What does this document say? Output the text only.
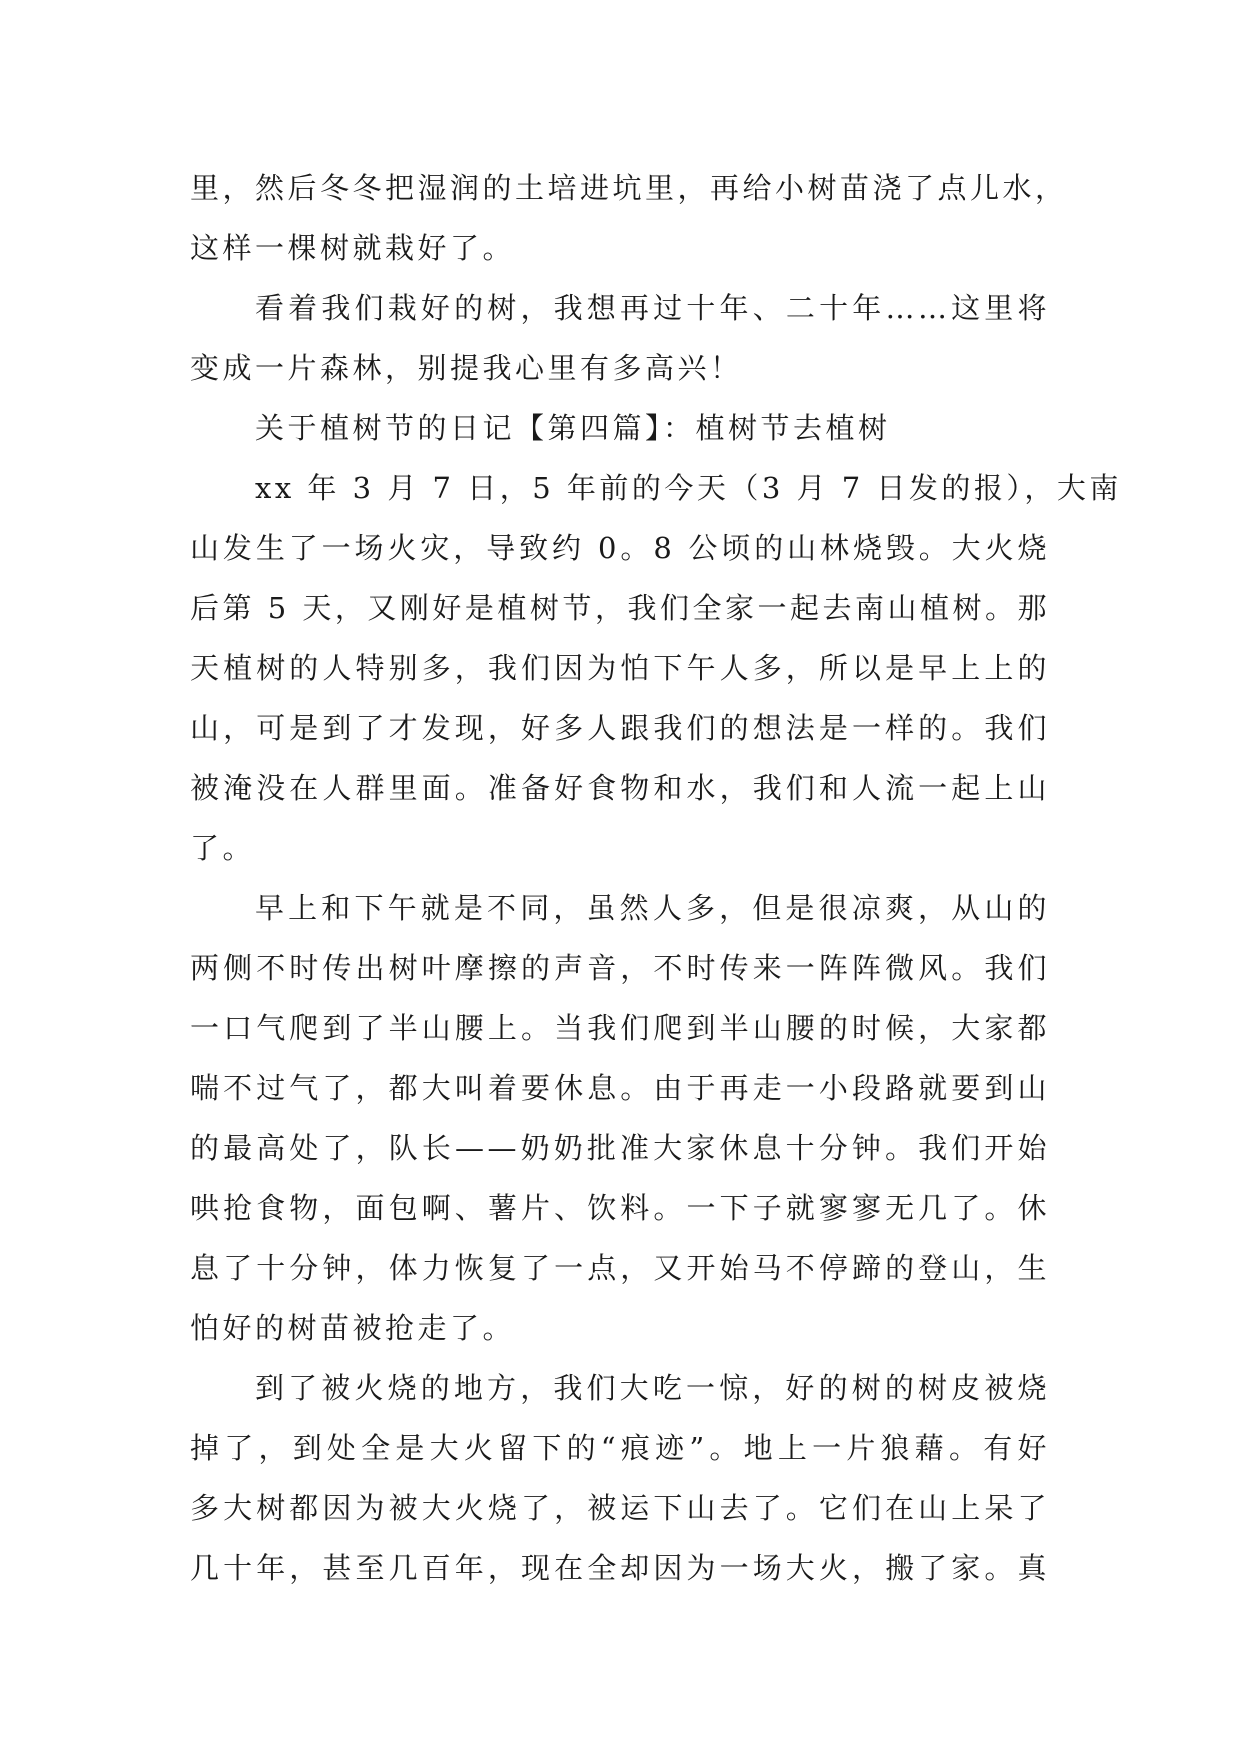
里，然后冬冬把湿润的土培进坑里，再给小树苗浇了点儿水，
这样一棵树就栽好了。
看着我们栽好的树，我想再过十年、二十年……这里将
变成一片森林，别提我心里有多高兴！
关于植树节的日记【第四篇】：植树节去植树
xx 年 3 月 7 日，5 年前的今天（3 月 7 日发的报），大南
山发生了一场火灾，导致约 0。8 公顷的山林烧毁。大火烧
后第 5 天，又刚好是植树节，我们全家一起去南山植树。那
天植树的人特别多，我们因为怕下午人多，所以是早上上的
山，可是到了才发现，好多人跟我们的想法是一样的。我们
被淹没在人群里面。准备好食物和水，我们和人流一起上山
了。
早上和下午就是不同，虽然人多，但是很凉爽，从山的
两侧不时传出树叶摩擦的声音，不时传来一阵阵微风。我们
一口气爬到了半山腰上。当我们爬到半山腰的时候，大家都
喘不过气了，都大叫着要休息。由于再走一小段路就要到山
的最高处了，队长——奶奶批准大家休息十分钟。我们开始
哄抢食物，面包啊、薯片、饮料。一下子就寥寥无几了。休
息了十分钟，体力恢复了一点，又开始马不停蹄的登山，生
怕好的树苗被抢走了。
到了被火烧的地方，我们大吃一惊，好的树的树皮被烧
掉了，到处全是大火留下的“痕迹”。地上一片狼藉。有好
多大树都因为被大火烧了，被运下山去了。它们在山上呆了
几十年，甚至几百年，现在全却因为一场大火，搬了家。真
